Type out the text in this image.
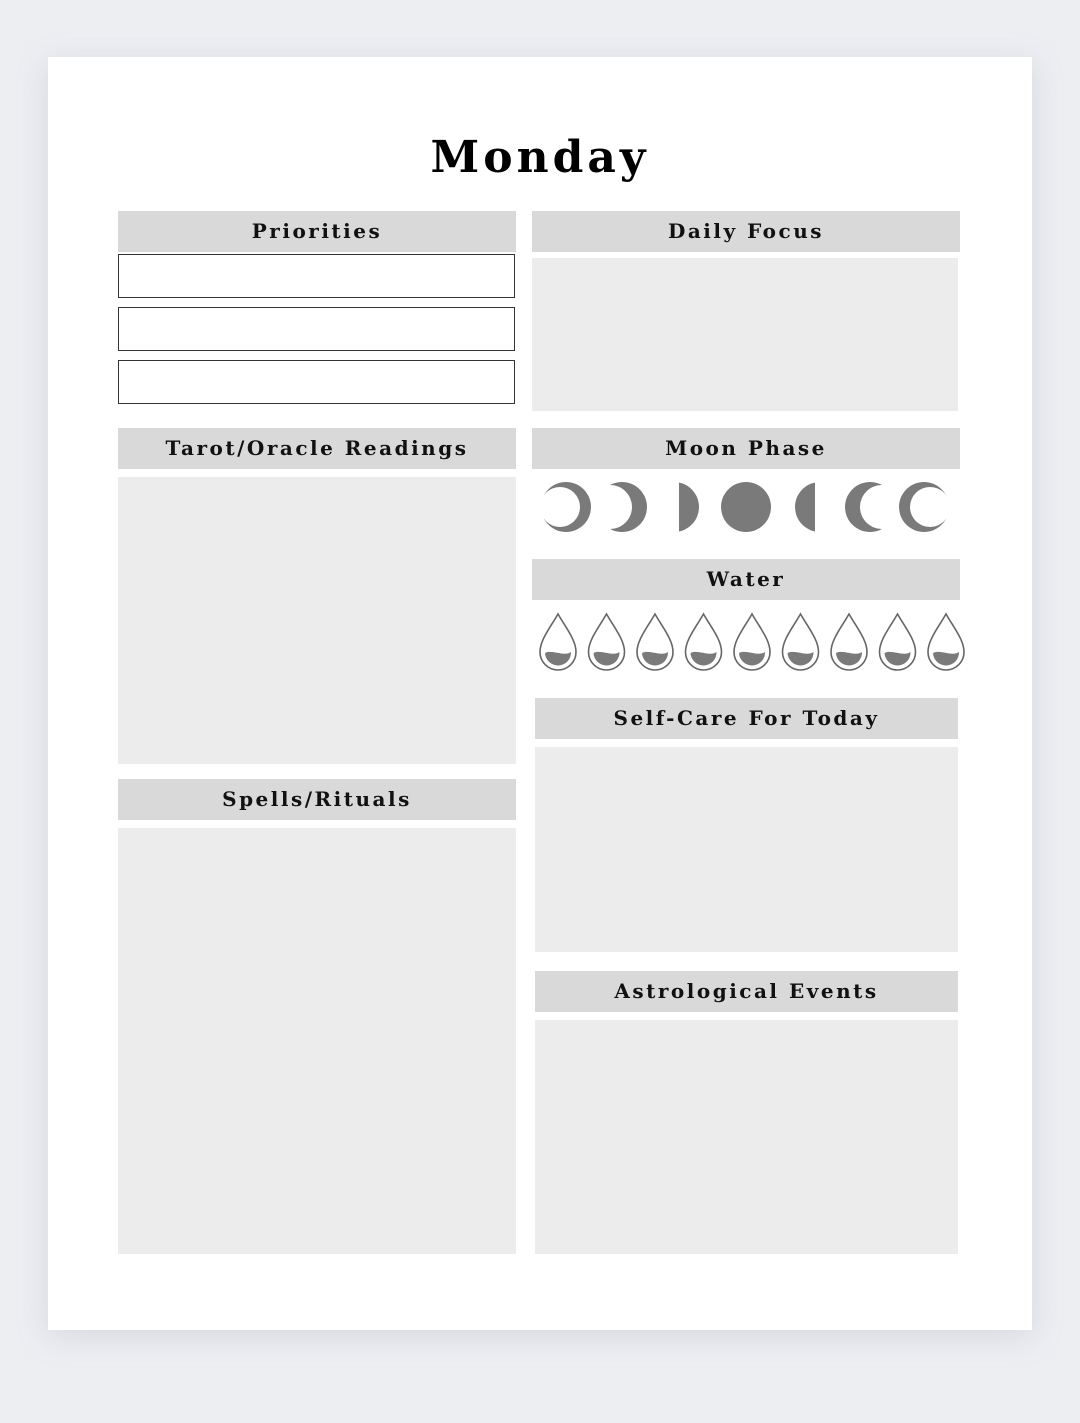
Monday
Priorities	Daily Focus
Tarot/Oracle Readings	Moon Phase
Water
Self-Care For Today
Spells/Rituals
Astrological Events
